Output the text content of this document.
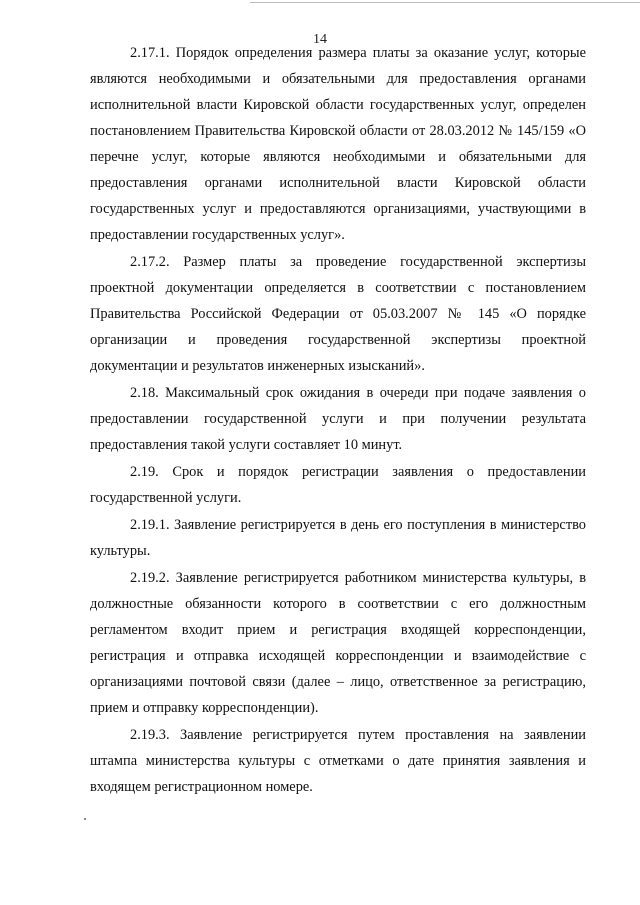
14

2.17.1. Порядок определения размера платы за оказание услуг, которые являются необходимыми и обязательными для предоставления органами исполнительной власти Кировской области государственных услуг, определен постановлением Правительства Кировской области от 28.03.2012 № 145/159 «О перечне услуг, которые являются необходимыми и обязательными для предоставления органами исполнительной власти Кировской области государственных услуг и предоставляются организациями, участвующими в предоставлении государственных услуг».

2.17.2. Размер платы за проведение государственной экспертизы проектной документации определяется в соответствии с постановлением Правительства Российской Федерации от 05.03.2007 № 145 «О порядке организации и проведения государственной экспертизы проектной документации и результатов инженерных изысканий».

2.18. Максимальный срок ожидания в очереди при подаче заявления о предоставлении государственной услуги и при получении результата предоставления такой услуги составляет 10 минут.

2.19. Срок и порядок регистрации заявления о предоставлении государственной услуги.

2.19.1. Заявление регистрируется в день его поступления в министерство культуры.

2.19.2. Заявление регистрируется работником министерства культуры, в должностные обязанности которого в соответствии с его должностным регламентом входит прием и регистрация входящей корреспонденции, регистрация и отправка исходящей корреспонденции и взаимодействие с организациями почтовой связи (далее – лицо, ответственное за регистрацию, прием и отправку корреспонденции).

2.19.3. Заявление регистрируется путем проставления на заявлении штампа министерства культуры с отметками о дате принятия заявления и входящем регистрационном номере.
